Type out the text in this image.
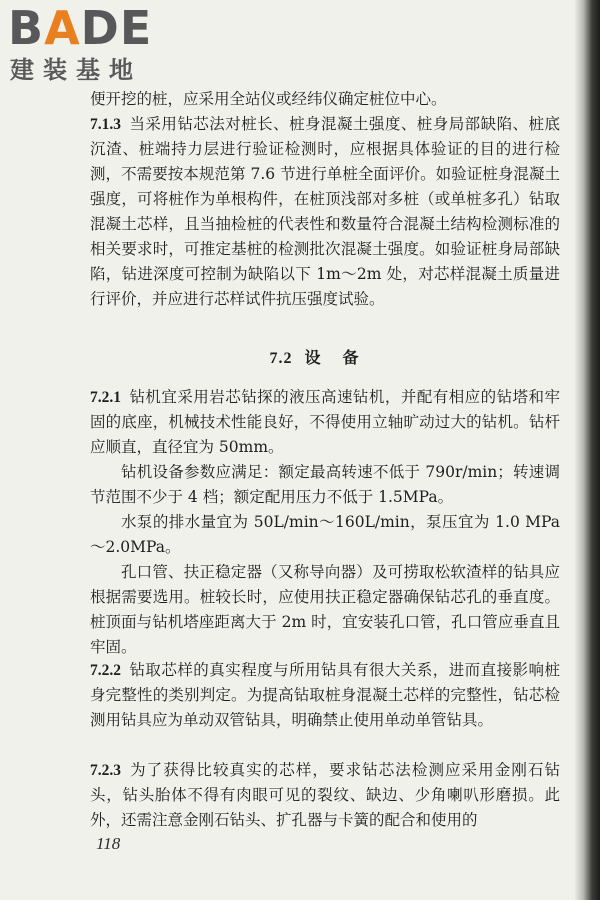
BADE
建装基地
便开挖的桩，应采用全站仪或经纬仪确定桩位中心。
7.1.3 当采用钻芯法对桩长、桩身混凝土强度、桩身局部缺陷、桩底沉渣、桩端持力层进行验证检测时，应根据具体验证的目的进行检测，不需要按本规范第 7.6 节进行单桩全面评价。如验证桩身混凝土强度，可将桩作为单根构件，在桩顶浅部对多桩（或单桩多孔）钻取混凝土芯样，且当抽检桩的代表性和数量符合混凝土结构检测标准的相关要求时，可推定基桩的检测批次混凝土强度。如验证桩身局部缺陷，钻进深度可控制为缺陷以下 1m～2m 处，对芯样混凝土质量进行评价，并应进行芯样试件抗压强度试验。
7.2 设备
7.2.1 钻机宜采用岩芯钻探的液压高速钻机，并配有相应的钻塔和牢固的底座，机械技术性能良好，不得使用立轴旷动过大的钻机。钻杆应顺直，直径宜为 50mm。
钻机设备参数应满足：额定最高转速不低于 790r/min；转速调节范围不少于 4 档；额定配用压力不低于 1.5MPa。
水泵的排水量宜为 50L/min～160L/min，泵压宜为 1.0 MPa～2.0MPa。
孔口管、扶正稳定器（又称导向器）及可捞取松软渣样的钻具应根据需要选用。桩较长时，应使用扶正稳定器确保钻芯孔的垂直度。桩顶面与钻机塔座距离大于 2m 时，宜安装孔口管，孔口管应垂直且牢固。
7.2.2 钻取芯样的真实程度与所用钻具有很大关系，进而直接影响桩身完整性的类别判定。为提高钻取桩身混凝土芯样的完整性，钻芯检测用钻具应为单动双管钻具，明确禁止使用单动单管钻具。
7.2.3 为了获得比较真实的芯样，要求钻芯法检测应采用金刚石钻头，钻头胎体不得有肉眼可见的裂纹、缺边、少角喇叭形磨损。此外，还需注意金刚石钻头、扩孔器与卡簧的配合和使用的
118
